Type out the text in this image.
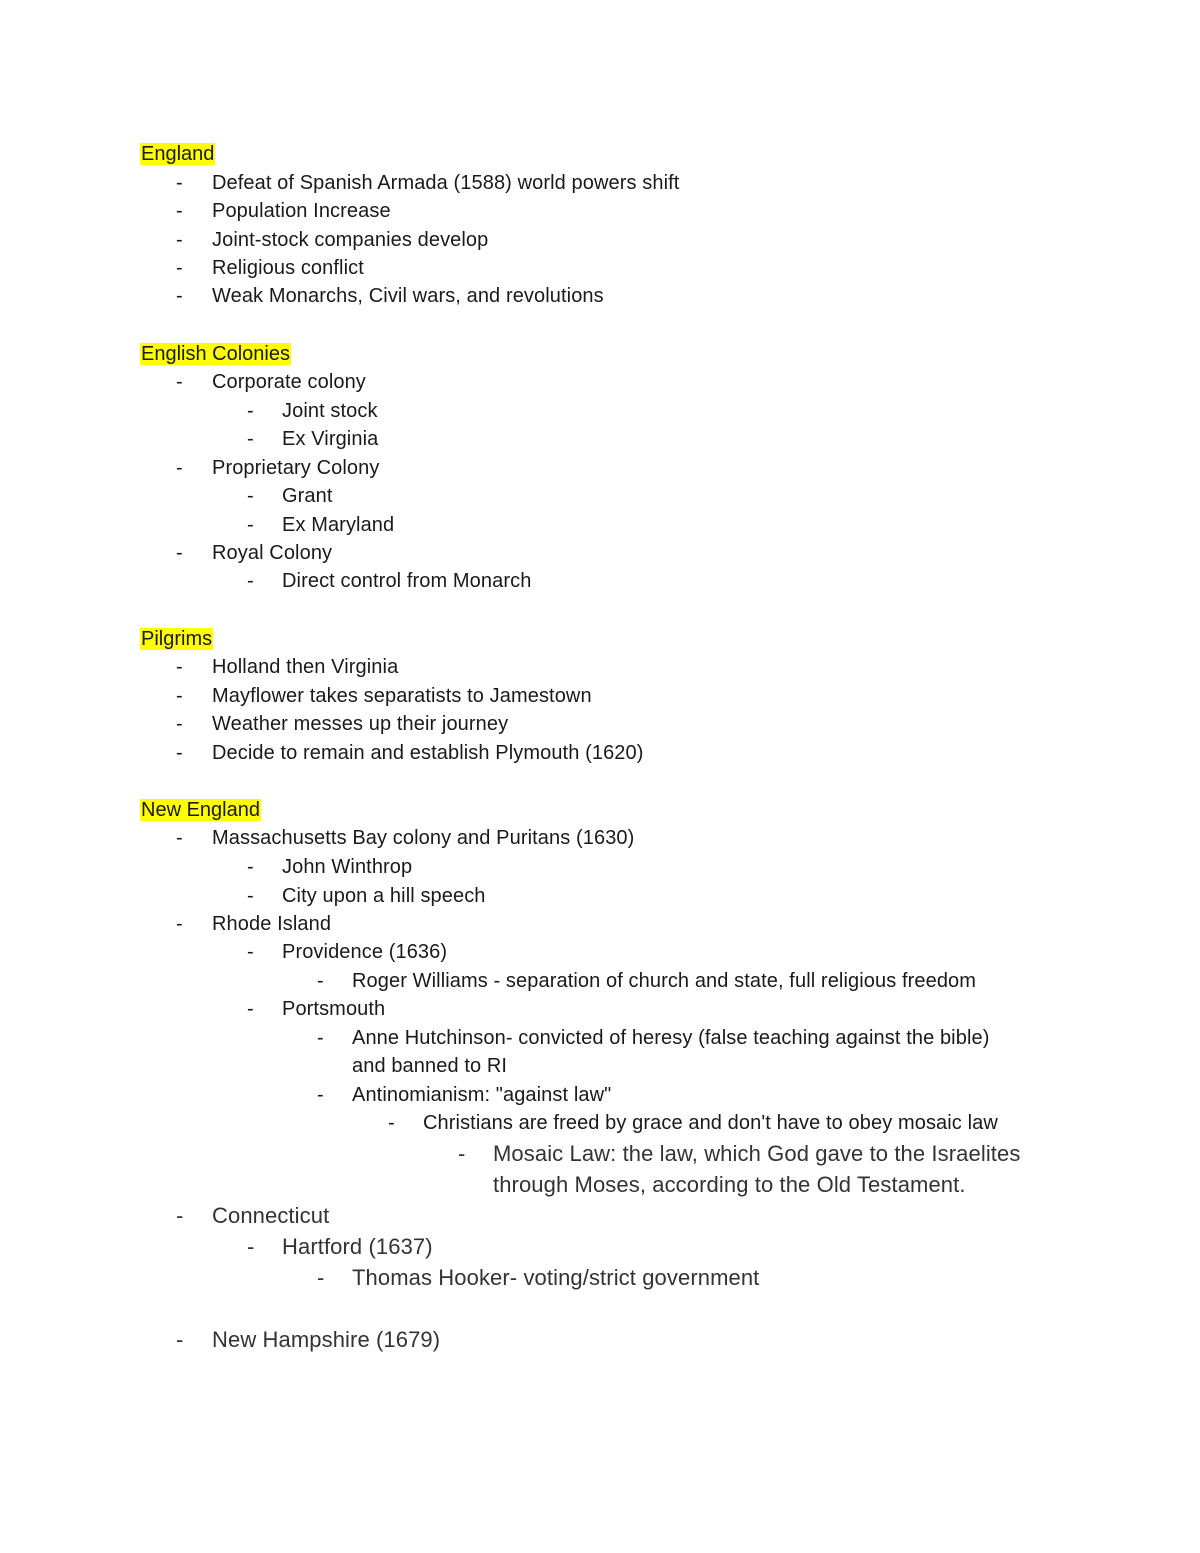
England
- Defeat of Spanish Armada (1588) world powers shift
- Population Increase
- Joint-stock companies develop
- Religious conflict
- Weak Monarchs, Civil wars, and revolutions
English Colonies
- Corporate colony
- Joint stock
- Ex Virginia
- Proprietary Colony
- Grant
- Ex Maryland
- Royal Colony
- Direct control from Monarch
Pilgrims
- Holland then Virginia
- Mayflower takes separatists to Jamestown
- Weather messes up their journey
- Decide to remain and establish Plymouth (1620)
New England
- Massachusetts Bay colony and Puritans (1630)
- John Winthrop
- City upon a hill speech
- Rhode Island
- Providence (1636)
- Roger Williams - separation of church and state, full religious freedom
- Portsmouth
- Anne Hutchinson- convicted of heresy (false teaching against the bible)
and banned to RI
- Antinomianism: "against law"
- Christians are freed by grace and don't have to obey mosaic law
- Mosaic Law: the law, which God gave to the Israelites
through Moses, according to the Old Testament.
- Connecticut
- Hartford (1637)
- Thomas Hooker- voting/strict government
- New Hampshire (1679)
